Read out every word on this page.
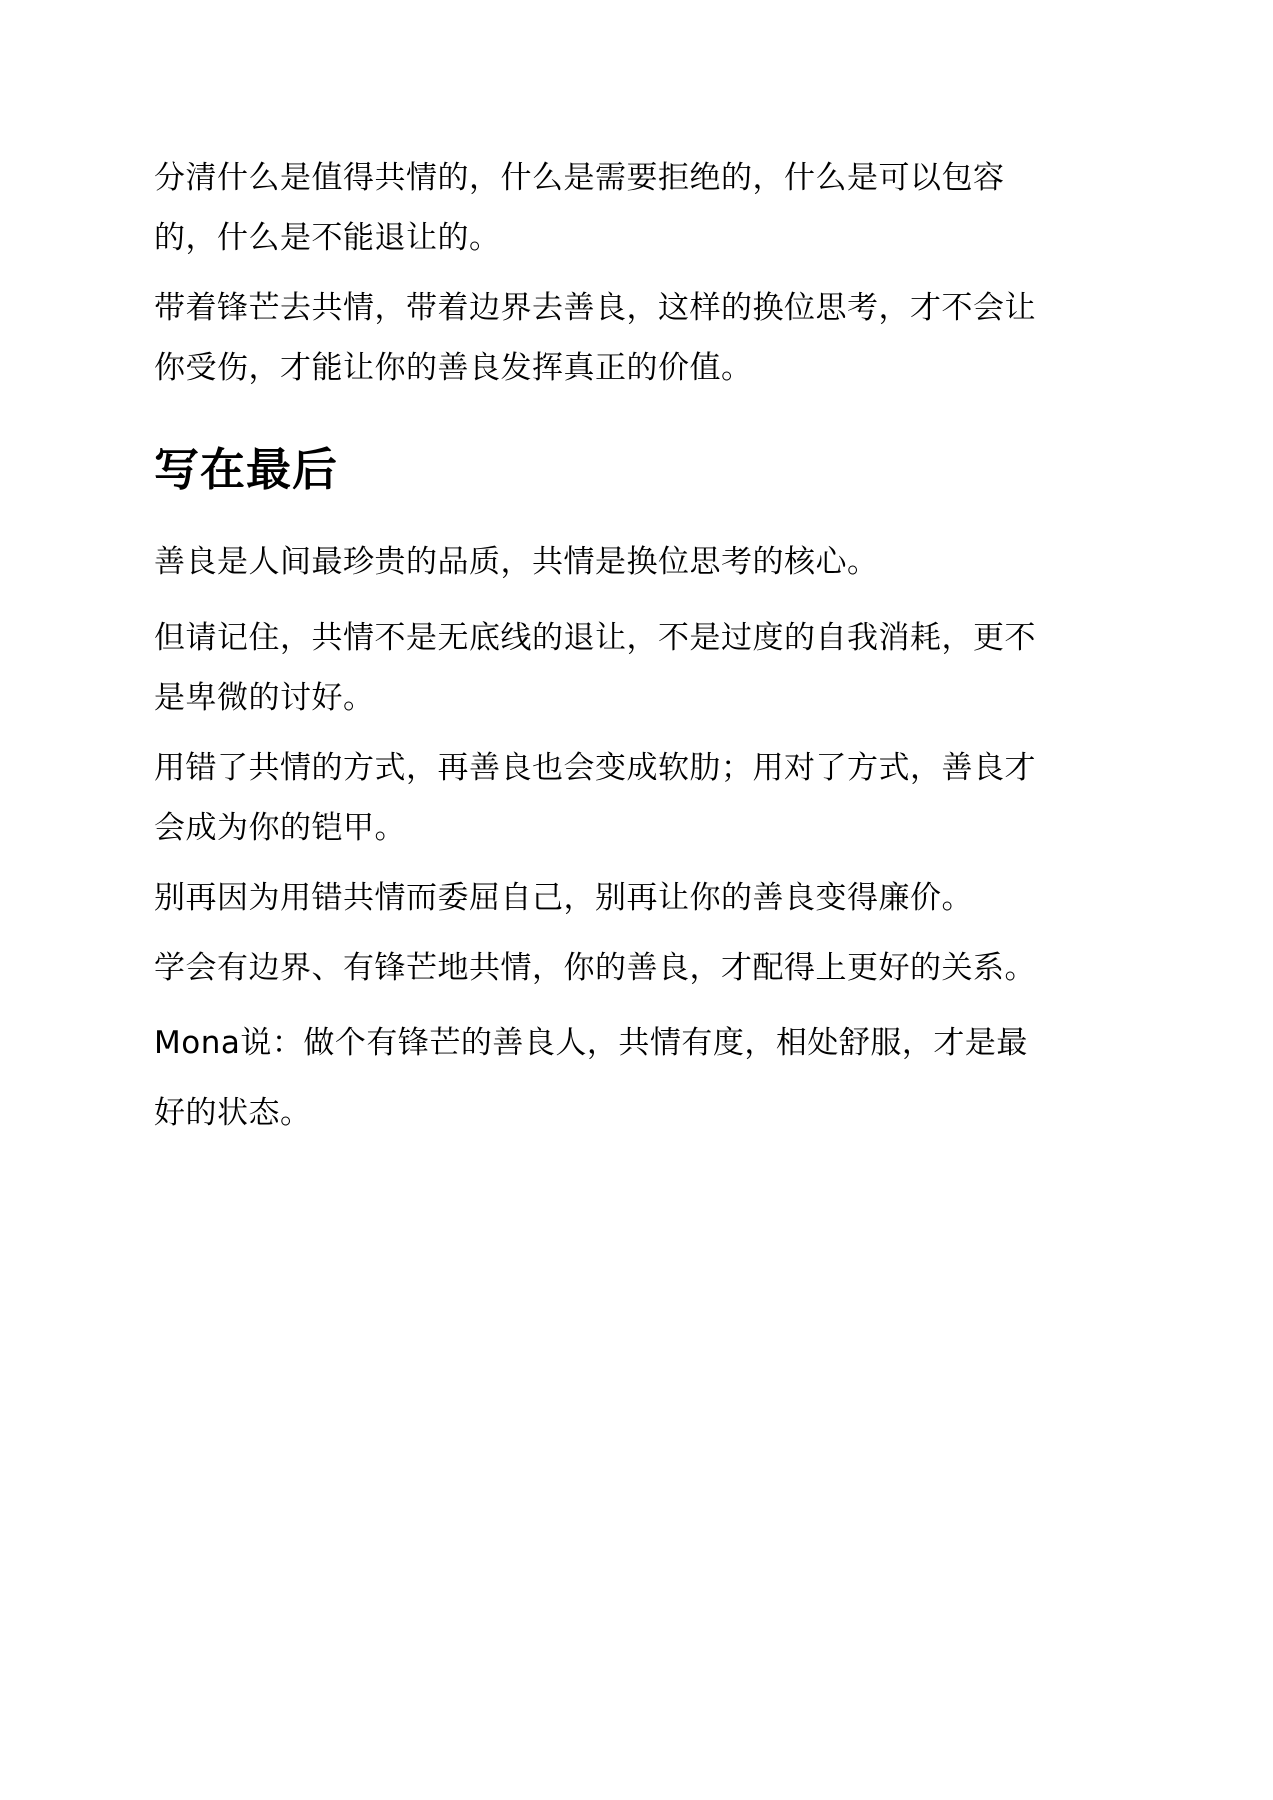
分清什么是值得共情的，什么是需要拒绝的，什么是可以包容
的，什么是不能退让的。

带着锋芒去共情，带着边界去善良，这样的换位思考，才不会让
你受伤，才能让你的善良发挥真正的价值。

写在最后

善良是人间最珍贵的品质，共情是换位思考的核心。

但请记住，共情不是无底线的退让，不是过度的自我消耗，更不
是卑微的讨好。

用错了共情的方式，再善良也会变成软肋；用对了方式，善良才
会成为你的铠甲。

别再因为用错共情而委屈自己，别再让你的善良变得廉价。

学会有边界、有锋芒地共情，你的善良，才配得上更好的关系。

Mona说：做个有锋芒的善良人，共情有度，相处舒服，才是最
好的状态。
